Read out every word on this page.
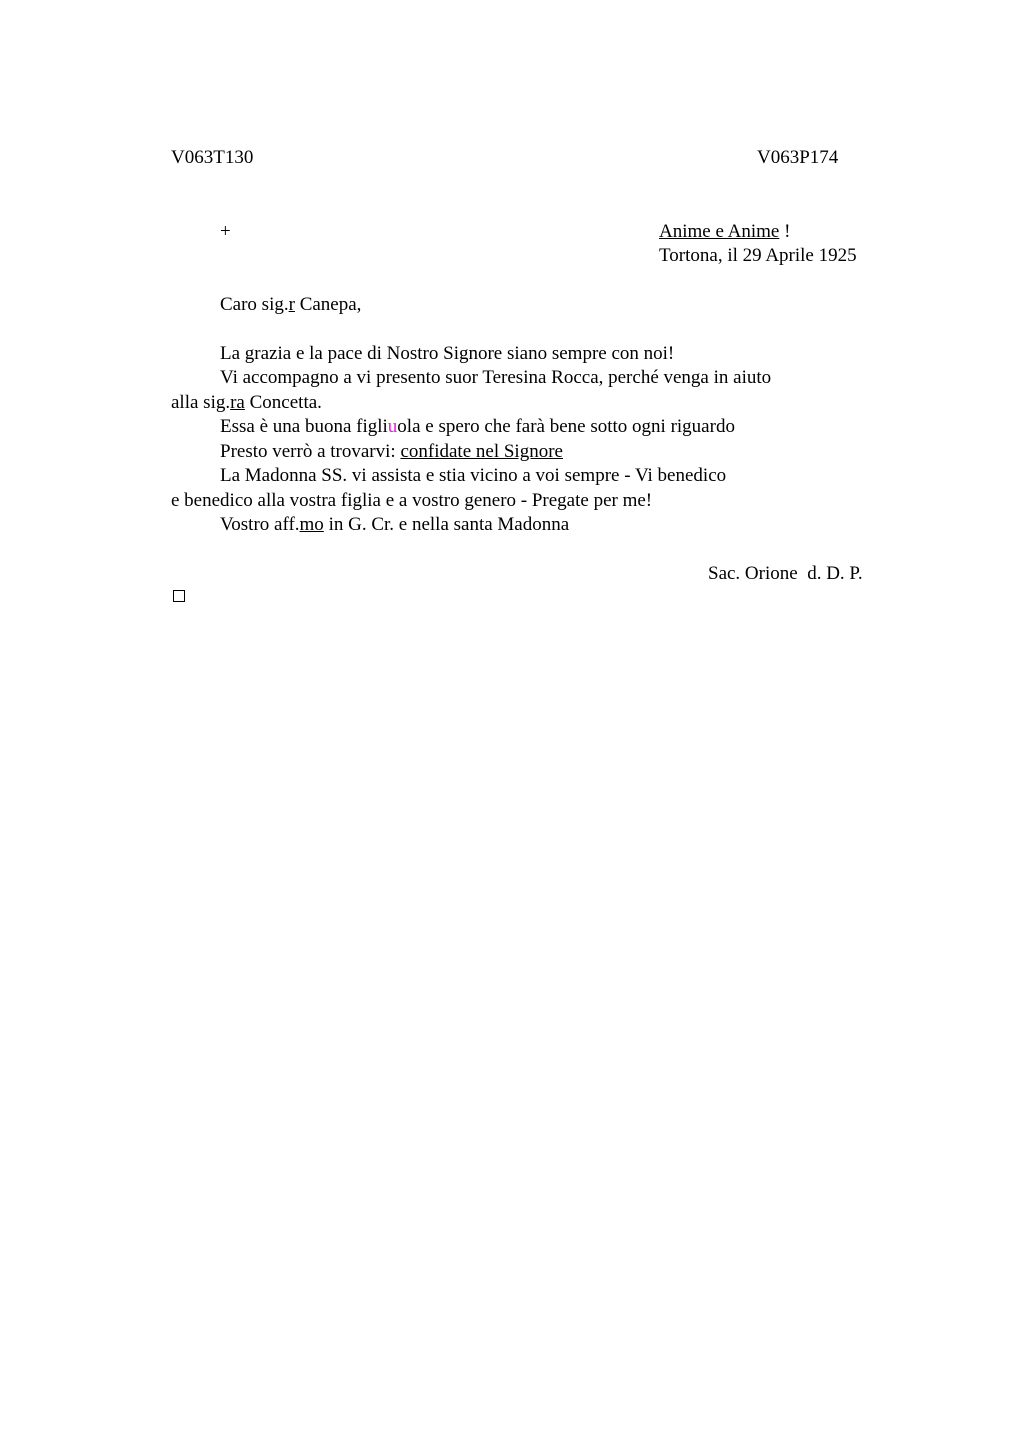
V063T130	V063P174
+	Anime e Anime !
Tortona, il 29 Aprile 1925
Caro sig.r Canepa,
La grazia e la pace di Nostro Signore siano sempre con noi!
Vi accompagno a vi presento suor Teresina Rocca, perché venga in aiuto
alla sig.ra Concetta.
Essa è una buona figliuola e spero che farà bene sotto ogni riguardo
Presto verrò a trovarvi: confidate nel Signore
La Madonna SS. vi assista e stia vicino a voi sempre - Vi benedico
e benedico alla vostra figlia e a vostro genero - Pregate per me!
Vostro aff.mo in G. Cr. e nella santa Madonna
Sac. Orione  d. D. P.
